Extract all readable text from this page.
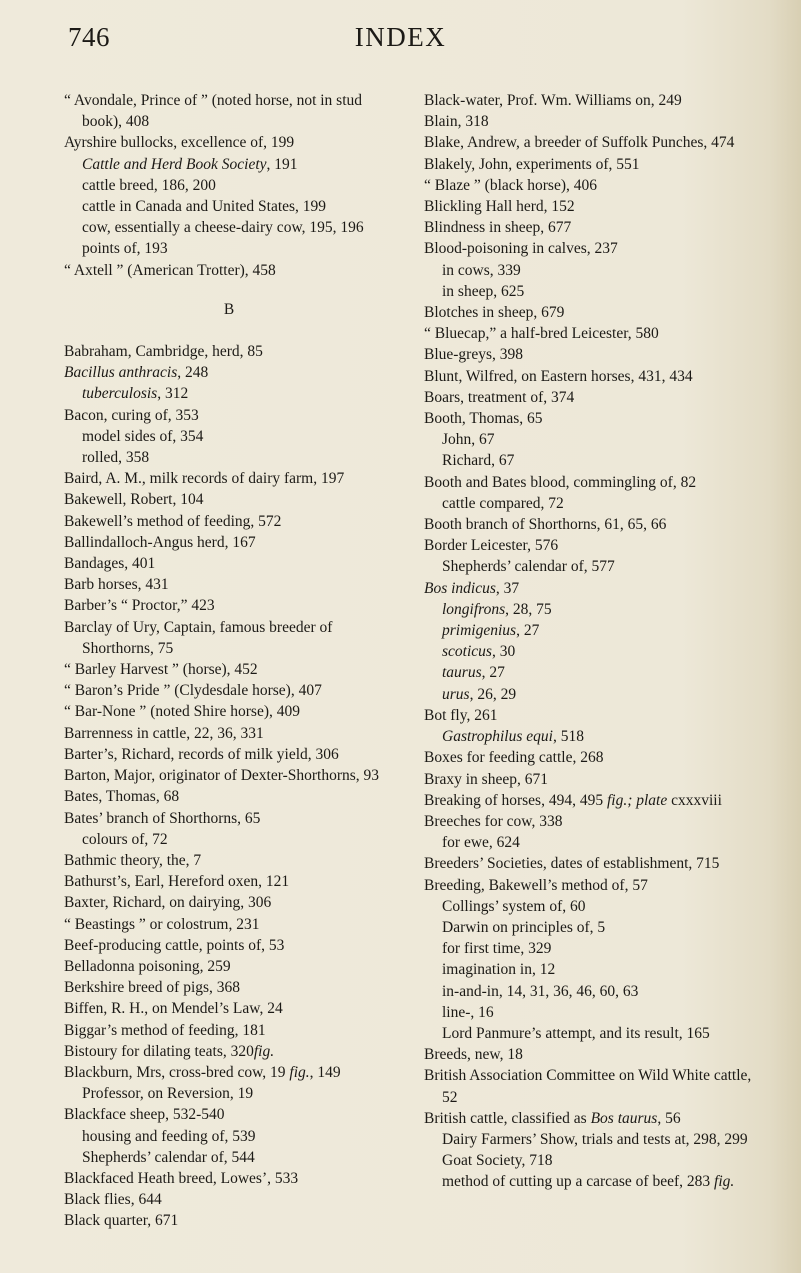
746	INDEX
“ Avondale, Prince of ” (noted horse, not in stud book), 408
Ayrshire bullocks, excellence of, 199
Cattle and Herd Book Society, 191
cattle breed, 186, 200
cattle in Canada and United States, 199
cow, essentially a cheese-dairy cow, 195, 196
points of, 193
“ Axtell ” (American Trotter), 458
B
Babraham, Cambridge, herd, 85
Bacillus anthracis, 248
tuberculosis, 312
Bacon, curing of, 353
model sides of, 354
rolled, 358
Baird, A. M., milk records of dairy farm, 197
Bakewell, Robert, 104
Bakewell’s method of feeding, 572
Ballindalloch-Angus herd, 167
Bandages, 401
Barb horses, 431
Barber’s “ Proctor,” 423
Barclay of Ury, Captain, famous breeder of Shorthorns, 75
“ Barley Harvest ” (horse), 452
“ Baron’s Pride ” (Clydesdale horse), 407
“ Bar-None ” (noted Shire horse), 409
Barrenness in cattle, 22, 36, 331
Barter’s, Richard, records of milk yield, 306
Barton, Major, originator of Dexter-Shorthorns, 93
Bates, Thomas, 68
Bates’ branch of Shorthorns, 65
colours of, 72
Bathmic theory, the, 7
Bathurst’s, Earl, Hereford oxen, 121
Baxter, Richard, on dairying, 306
“ Beastings ” or colostrum, 231
Beef-producing cattle, points of, 53
Belladonna poisoning, 259
Berkshire breed of pigs, 368
Biffen, R. H., on Mendel’s Law, 24
Biggar’s method of feeding, 181
Bistoury for dilating teats, 320fig.
Blackburn, Mrs, cross-bred cow, 19 fig., 149
Professor, on Reversion, 19
Blackface sheep, 532-540
housing and feeding of, 539
Shepherds’ calendar of, 544
Blackfaced Heath breed, Lowes’, 533
Black flies, 644
Black quarter, 671
Black-water, Prof. Wm. Williams on, 249
Blain, 318
Blake, Andrew, a breeder of Suffolk Punches, 474
Blakely, John, experiments of, 551
“ Blaze ” (black horse), 406
Blickling Hall herd, 152
Blindness in sheep, 677
Blood-poisoning in calves, 237
in cows, 339
in sheep, 625
Blotches in sheep, 679
“ Bluecap,” a half-bred Leicester, 580
Blue-greys, 398
Blunt, Wilfred, on Eastern horses, 431, 434
Boars, treatment of, 374
Booth, Thomas, 65
John, 67
Richard, 67
Booth and Bates blood, commingling of, 82
cattle compared, 72
Booth branch of Shorthorns, 61, 65, 66
Border Leicester, 576
Shepherds’ calendar of, 577
Bos indicus, 37
longifrons, 28, 75
primigenius, 27
scoticus, 30
taurus, 27
urus, 26, 29
Bot fly, 261
Gastrophilus equi, 518
Boxes for feeding cattle, 268
Braxy in sheep, 671
Breaking of horses, 494, 495 fig.; plate cxxxviii
Breeches for cow, 338
for ewe, 624
Breeders’ Societies, dates of establishment, 715
Breeding, Bakewell’s method of, 57
Collings’ system of, 60
Darwin on principles of, 5
for first time, 329
imagination in, 12
in-and-in, 14, 31, 36, 46, 60, 63
line-, 16
Lord Panmure’s attempt, and its result, 165
Breeds, new, 18
British Association Committee on Wild White cattle, 52
British cattle, classified as Bos taurus, 56
Dairy Farmers’ Show, trials and tests at, 298, 299
Goat Society, 718
method of cutting up a carcase of beef, 283 fig.
